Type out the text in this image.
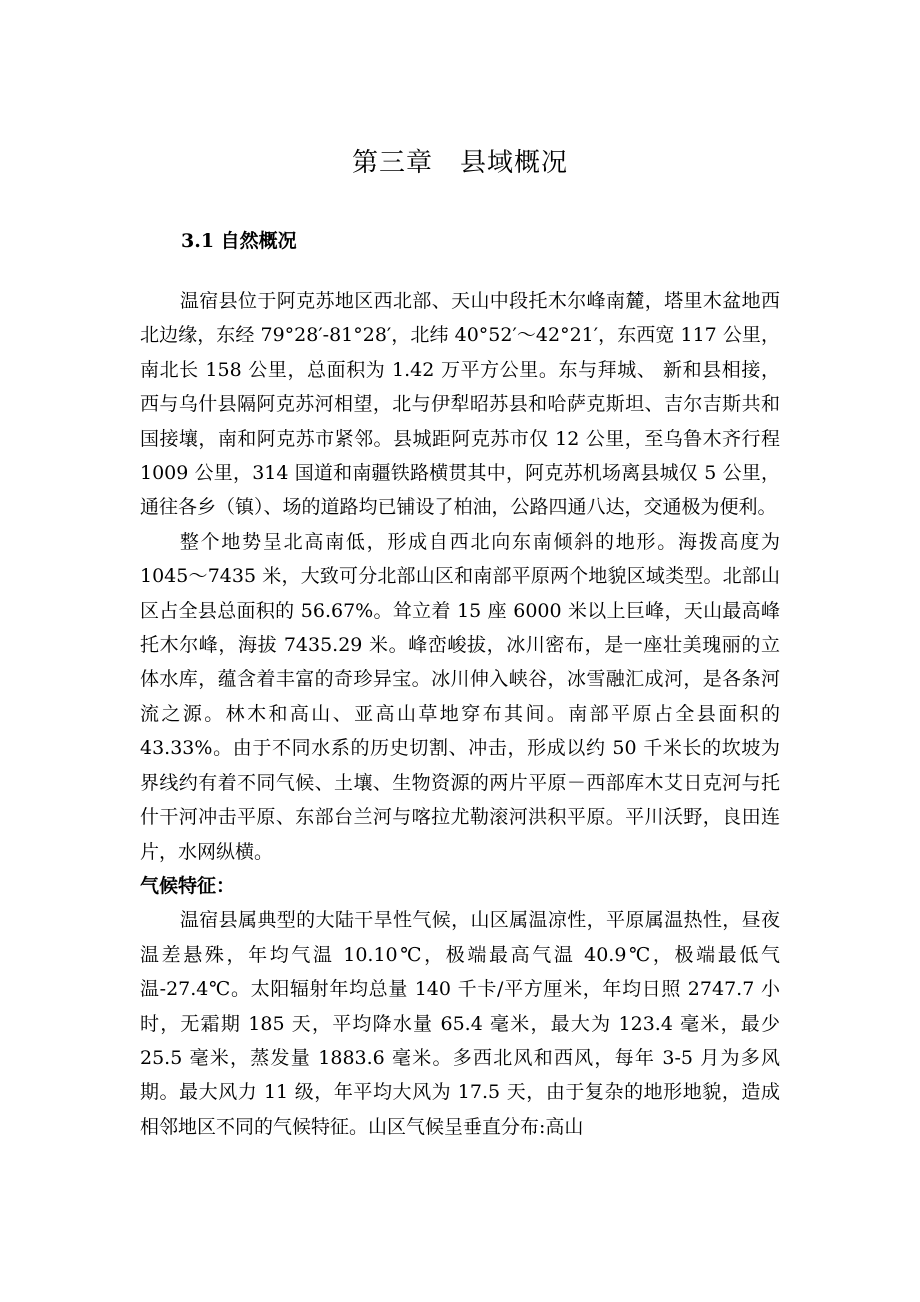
第三章　县域概况
3.1 自然概况

温宿县位于阿克苏地区西北部、天山中段托木尔峰南麓，塔里木盆地西北边缘，东经 79°28′-81°28′，北纬 40°52′～42°21′，东西宽 117 公里，南北长 158 公里，总面积为 1.42 万平方公里。东与拜城、 新和县相接，西与乌什县隔阿克苏河相望，北与伊犁昭苏县和哈萨克斯坦、吉尔吉斯共和国接壤，南和阿克苏市紧邻。县城距阿克苏市仅 12 公里，至乌鲁木齐行程 1009 公里，314 国道和南疆铁路横贯其中，阿克苏机场离县城仅 5 公里，通往各乡（镇）、场的道路均已铺设了柏油，公路四通八达，交通极为便利。

整个地势呈北高南低，形成自西北向东南倾斜的地形。海拨高度为 1045～7435 米，大致可分北部山区和南部平原两个地貌区域类型。北部山区占全县总面积的 56.67%。耸立着 15 座 6000 米以上巨峰，天山最高峰托木尔峰，海拔 7435.29 米。峰峦峻拔，冰川密布，是一座壮美瑰丽的立体水库，蕴含着丰富的奇珍异宝。冰川伸入峡谷，冰雪融汇成河，是各条河流之源。林木和高山、亚高山草地穿布其间。南部平原占全县面积的 43.33%。由于不同水系的历史切割、冲击，形成以约 50 千米长的坎坡为界线约有着不同气候、土壤、生物资源的两片平原－西部库木艾日克河与托什干河冲击平原、东部台兰河与喀拉尤勒滚河洪积平原。平川沃野，良田连片，水网纵横。

气候特征：

温宿县属典型的大陆干旱性气候，山区属温凉性，平原属温热性，昼夜温差悬殊，年均气温 10.10℃，极端最高气温 40.9℃，极端最低气温-27.4℃。太阳辐射年均总量 140 千卡/平方厘米，年均日照 2747.7 小时，无霜期 185 天，平均降水量 65.4 毫米，最大为 123.4 毫米，最少 25.5 毫米，蒸发量 1883.6 毫米。多西北风和西风，每年 3-5 月为多风期。最大风力 11 级，年平均大风为 17.5 天，由于复杂的地形地貌，造成相邻地区不同的气候特征。山区气候呈垂直分布:高山
